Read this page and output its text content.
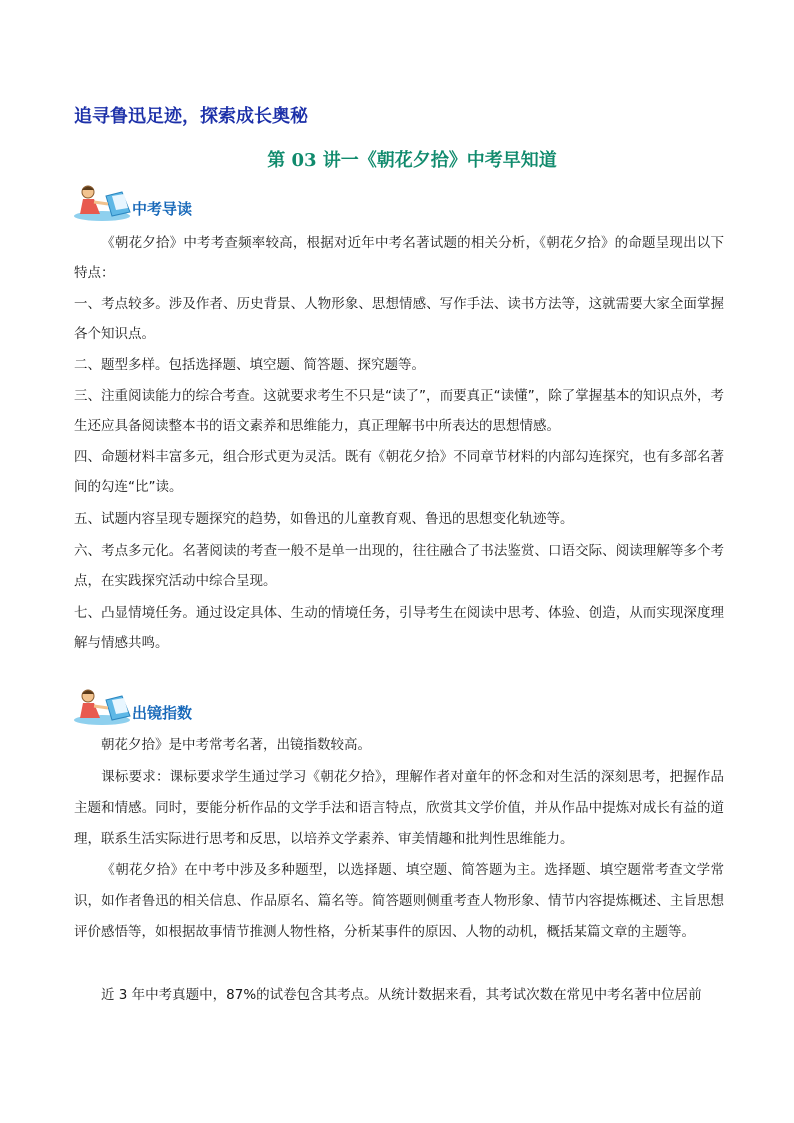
追寻鲁迅足迹，探索成长奥秘
第 03 讲一《朝花夕拾》中考早知道
中考导读

《朝花夕拾》中考考查频率较高，根据对近年中考名著试题的相关分析，《朝花夕拾》的命题呈现出以下特点：

一、考点较多。涉及作者、历史背景、人物形象、思想情感、写作手法、读书方法等，这就需要大家全面掌握各个知识点。

二、题型多样。包括选择题、填空题、简答题、探究题等。

三、注重阅读能力的综合考查。这就要求考生不只是“读了”，而要真正“读懂”，除了掌握基本的知识点外，考生还应具备阅读整本书的语文素养和思维能力，真正理解书中所表达的思想情感。

四、命题材料丰富多元，组合形式更为灵活。既有《朝花夕拾》不同章节材料的内部勾连探究，也有多部名著间的勾连“比”读。

五、试题内容呈现专题探究的趋势，如鲁迅的儿童教育观、鲁迅的思想变化轨迹等。

六、考点多元化。名著阅读的考查一般不是单一出现的，往往融合了书法鉴赏、口语交际、阅读理解等多个考点，在实践探究活动中综合呈现。

七、凸显情境任务。通过设定具体、生动的情境任务，引导考生在阅读中思考、体验、创造，从而实现深度理解与情感共鸣。

出镜指数

朝花夕拾》是中考常考名著，出镜指数较高。

课标要求：课标要求学生通过学习《朝花夕拾》，理解作者对童年的怀念和对生活的深刻思考，把握作品主题和情感。同时，要能分析作品的文学手法和语言特点，欣赏其文学价值，并从作品中提炼对成长有益的道理，联系生活实际进行思考和反思，以培养文学素养、审美情趣和批判性思维能力。

《朝花夕拾》在中考中涉及多种题型，以选择题、填空题、简答题为主。选择题、填空题常考查文学常识，如作者鲁迅的相关信息、作品原名、篇名等。简答题则侧重考查人物形象、情节内容提炼概述、主旨思想评价感悟等，如根据故事情节推测人物性格，分析某事件的原因、人物的动机，概括某篇文章的主题等。

近 3 年中考真题中，87%的试卷包含其考点。从统计数据来看，其考试次数在常见中考名著中位居前
